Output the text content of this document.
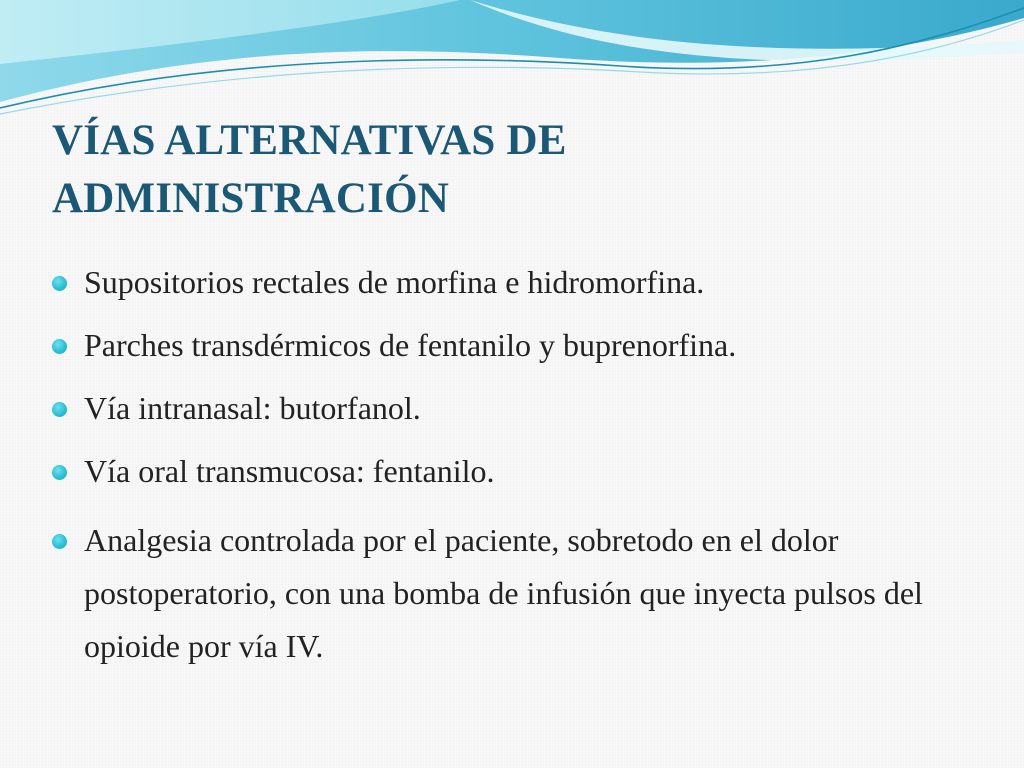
VÍAS ALTERNATIVAS DE
ADMINISTRACIÓN
Supositorios rectales de morfina e hidromorfina.
Parches transdérmicos de fentanilo y buprenorfina.
Vía intranasal: butorfanol.
Vía oral transmucosa: fentanilo.
Analgesia controlada por el paciente, sobretodo en el dolor postoperatorio, con una bomba de infusión que inyecta pulsos del opioide por vía IV.
